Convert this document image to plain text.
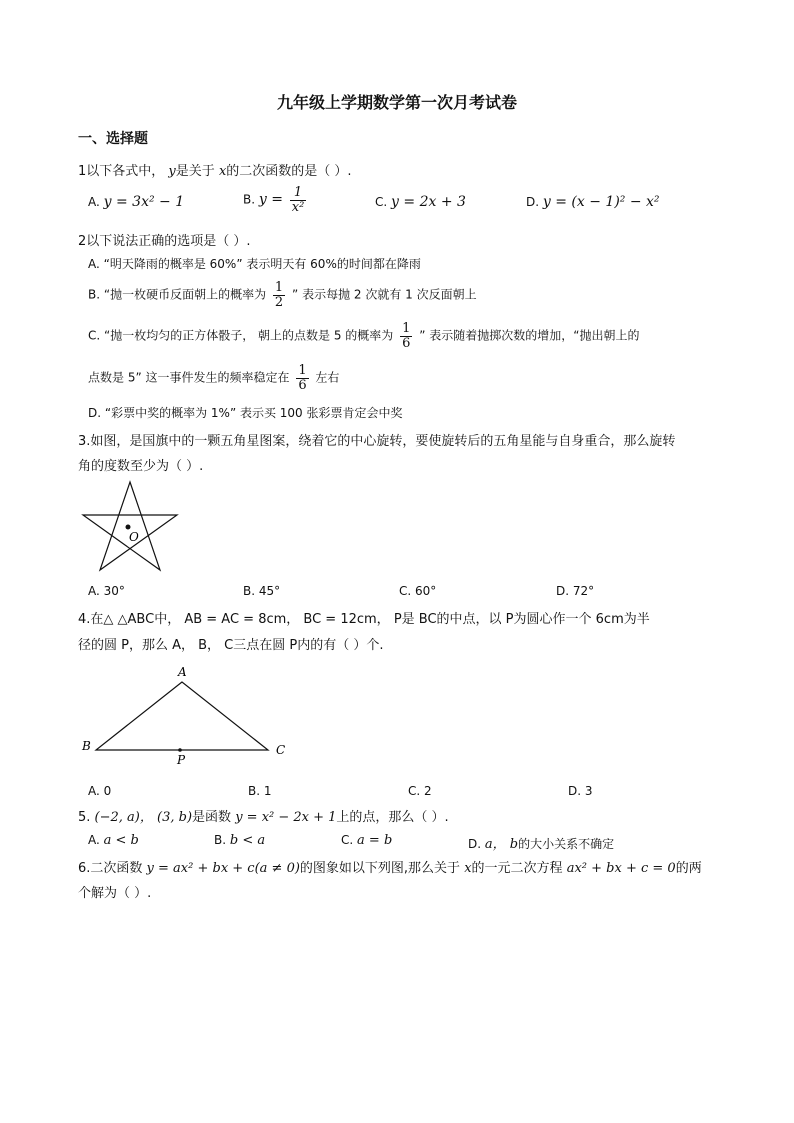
九年级上学期数学第一次月考试卷
一、选择题
1以下各式中， y是关于 x的二次函数的是（ ）.
A. y = 3x² − 1	B. $y = \frac{1}{\text{x²}}$	C. y = 2x + 3	D. y = (x − 1)² − x²
2以下说法正确的选项是（ ）.
A. “明天降雨的概率是 60%” 表示明天有 60%的时间都在降雨
B. “抛一枚硬币反面朝上的概率为 $\frac{1}{2}$ ” 表示每抛 2 次就有 1 次反面朝上
C. “抛一枚均匀的正方体骰子， 朝上的点数是 5 的概率为 $\frac{1}{6}$ ” 表示随着抛掷次数的增加，“抛出朝上的
点数是 5” 这一事件发生的频率稳定在 $\frac{1}{6}$ 左右
D. “彩票中奖的概率为 1%” 表示买 100 张彩票肯定会中奖
3.如图，是国旗中的一颗五角星图案，绕着它的中心旋转，要使旋转后的五角星能与自身重合，那么旋转
角的度数至少为（ ）.
O
A. 30°	B. 45°	C. 60°	D. 72°
4.在△ △ABC中， AB = AC = 8cm， BC = 12cm， P是 BC的中点，以 P为圆心作一个 6cm为半
径的圆 P，那么 A， B， C三点在圆 P内的有（ ）个.
A
B	C
P
A. 0	B. 1	C. 2	D. 3
5. (−2, a)， (3, b)是函数 y = x² − 2x + 1上的点，那么（ ）.
A. a < b	B. b < a	C. a = b	D. a， b的大小关系不确定
6.二次函数 y = ax² + bx + c(a ≠ 0)的图象如以下列图,那么关于 x的一元二次方程 ax² + bx + c = 0的两
个解为（ ）.
